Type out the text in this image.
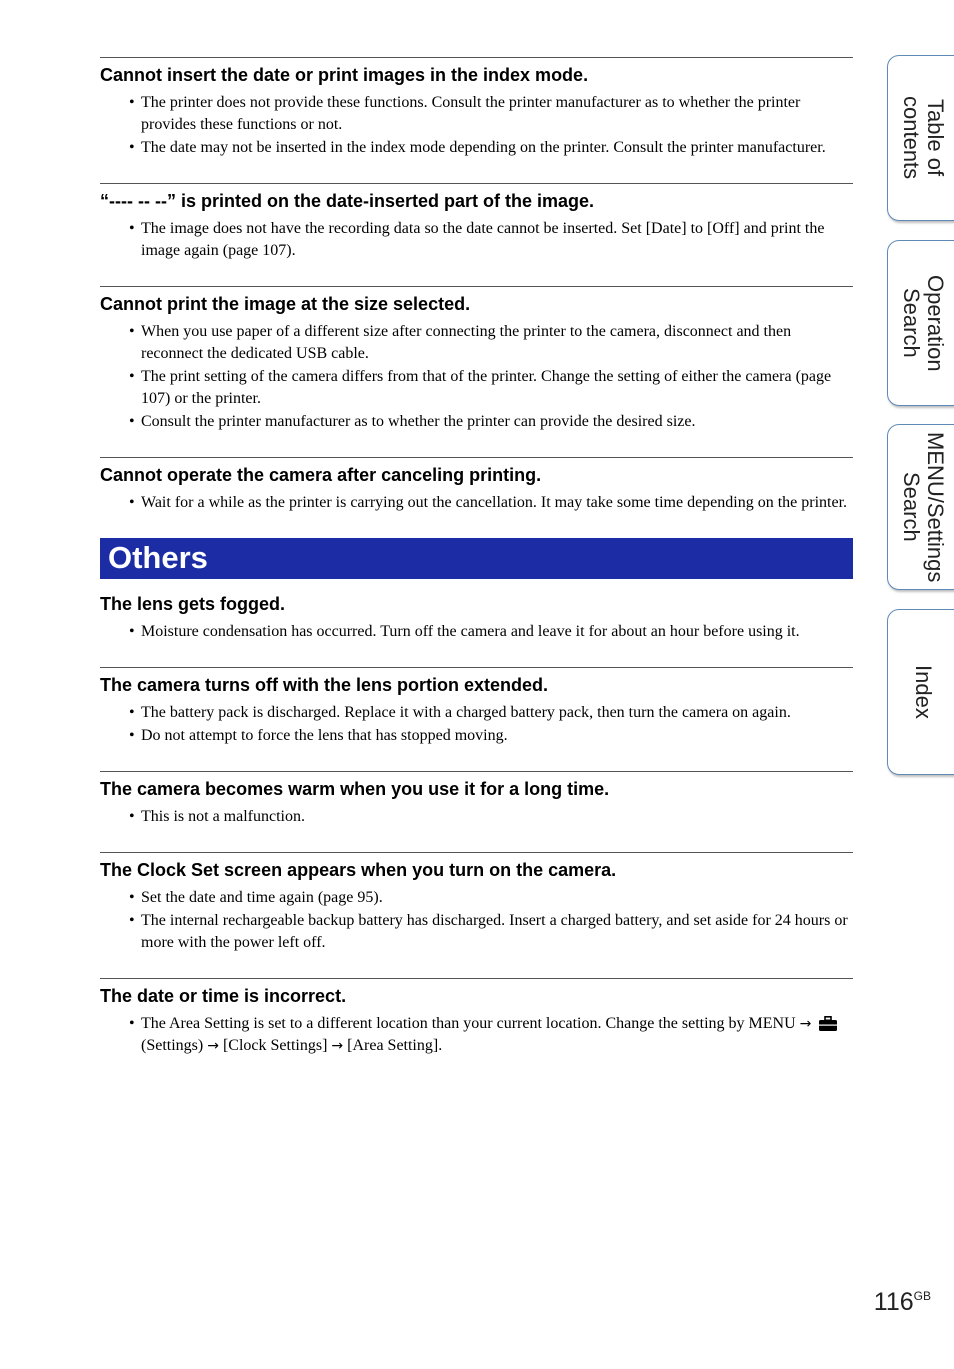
Cannot insert the date or print images in the index mode.
• The printer does not provide these functions. Consult the printer manufacturer as to whether the printer provides these functions or not.
• The date may not be inserted in the index mode depending on the printer. Consult the printer manufacturer.
“---- -- --” is printed on the date-inserted part of the image.
• The image does not have the recording data so the date cannot be inserted. Set [Date] to [Off] and print the image again (page 107).
Cannot print the image at the size selected.
• When you use paper of a different size after connecting the printer to the camera, disconnect and then reconnect the dedicated USB cable.
• The print setting of the camera differs from that of the printer. Change the setting of either the camera (page 107) or the printer.
• Consult the printer manufacturer as to whether the printer can provide the desired size.
Cannot operate the camera after canceling printing.
• Wait for a while as the printer is carrying out the cancellation. It may take some time depending on the printer.
Others
The lens gets fogged.
• Moisture condensation has occurred. Turn off the camera and leave it for about an hour before using it.
The camera turns off with the lens portion extended.
• The battery pack is discharged. Replace it with a charged battery pack, then turn the camera on again.
• Do not attempt to force the lens that has stopped moving.
The camera becomes warm when you use it for a long time.
• This is not a malfunction.
The Clock Set screen appears when you turn on the camera.
• Set the date and time again (page 95).
• The internal rechargeable backup battery has discharged. Insert a charged battery, and set aside for 24 hours or more with the power left off.
The date or time is incorrect.
• The Area Setting is set to a different location than your current location. Change the setting by MENU →  (Settings) → [Clock Settings] → [Area Setting].
Table of
contents
Operation
Search
MENU/Settings
Search
Index
$116^{GB}$
